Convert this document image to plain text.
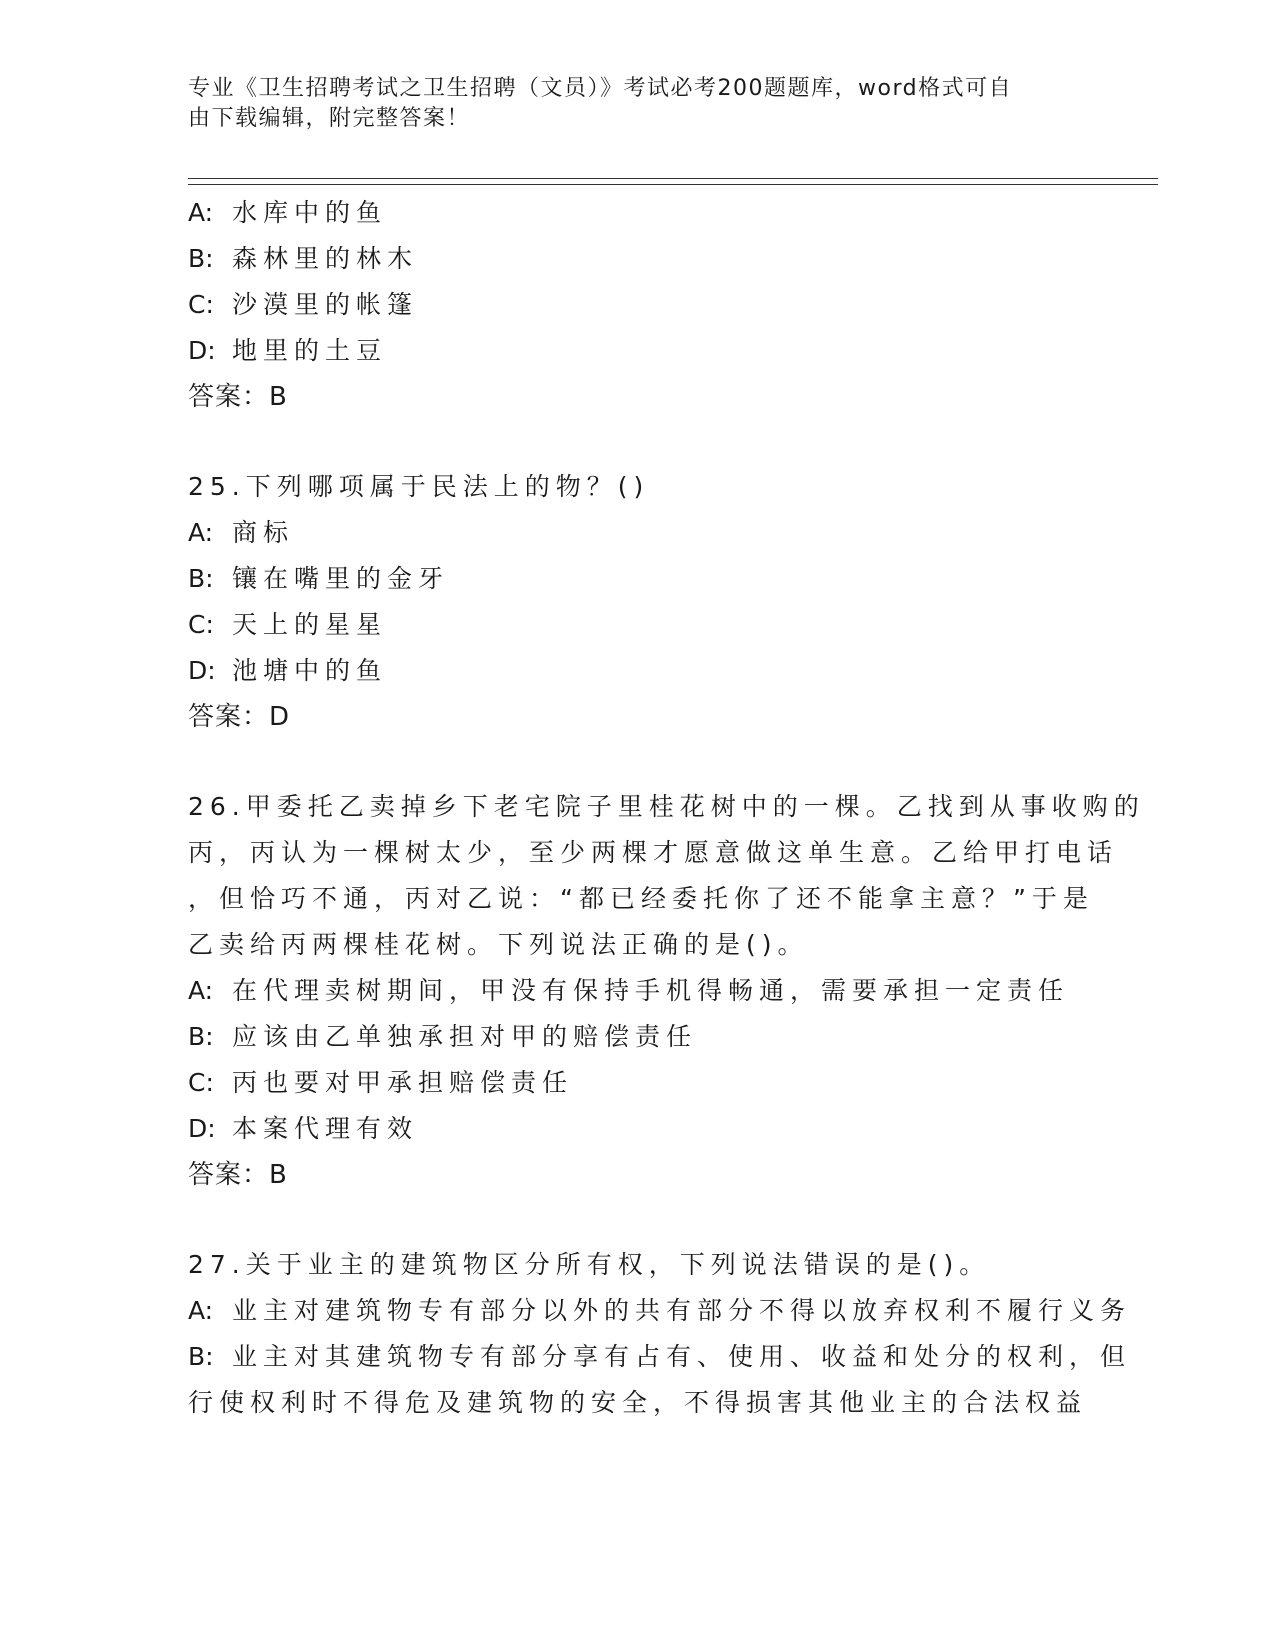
专业《卫生招聘考试之卫生招聘（文员）》考试必考200题题库，word格式可自
由下载编辑，附完整答案！
A: 水库中的鱼
B: 森林里的林木
C: 沙漠里的帐篷
D: 地里的土豆
答案：B
25.下列哪项属于民法上的物？()
A: 商标
B: 镶在嘴里的金牙
C: 天上的星星
D: 池塘中的鱼
答案：D
26.甲委托乙卖掉乡下老宅院子里桂花树中的一棵。乙找到从事收购的
丙，丙认为一棵树太少，至少两棵才愿意做这单生意。乙给甲打电话
，但恰巧不通，丙对乙说：“都已经委托你了还不能拿主意？”于是
乙卖给丙两棵桂花树。下列说法正确的是()。
A: 在代理卖树期间，甲没有保持手机得畅通，需要承担一定责任
B: 应该由乙单独承担对甲的赔偿责任
C: 丙也要对甲承担赔偿责任
D: 本案代理有效
答案：B
27.关于业主的建筑物区分所有权，下列说法错误的是()。
A: 业主对建筑物专有部分以外的共有部分不得以放弃权利不履行义务
B: 业主对其建筑物专有部分享有占有、使用、收益和处分的权利，但
行使权利时不得危及建筑物的安全，不得损害其他业主的合法权益
